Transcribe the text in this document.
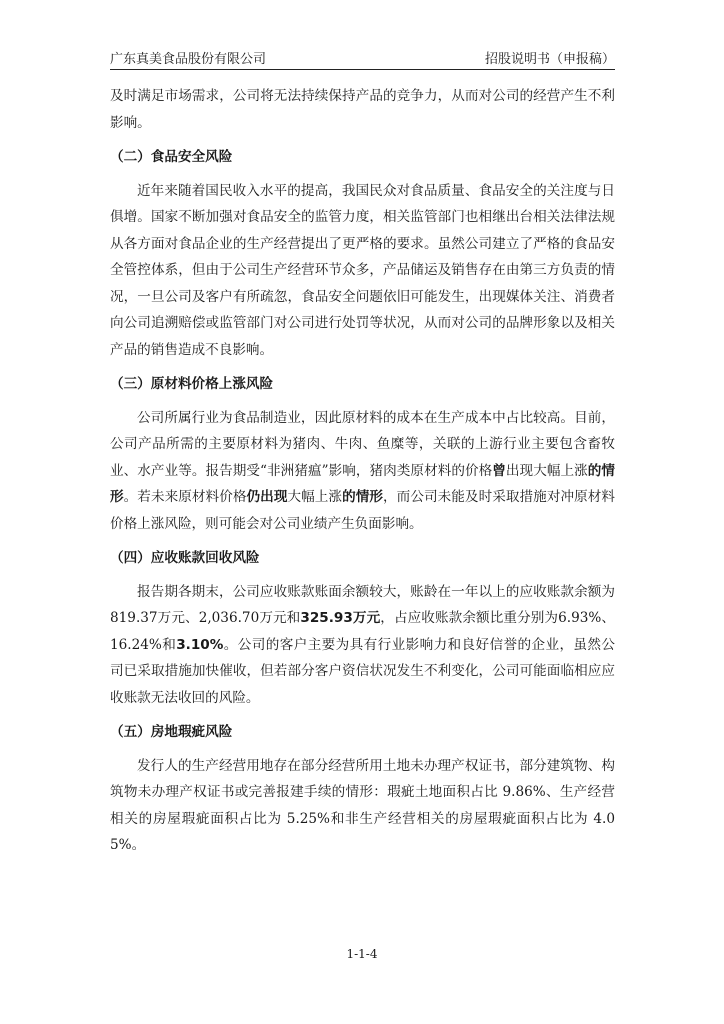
广东真美食品股份有限公司	招股说明书（申报稿）

及时满足市场需求，公司将无法持续保持产品的竞争力，从而对公司的经营产生不利影响。

（二）食品安全风险

近年来随着国民收入水平的提高，我国民众对食品质量、食品安全的关注度与日俱增。国家不断加强对食品安全的监管力度，相关监管部门也相继出台相关法律法规从各方面对食品企业的生产经营提出了更严格的要求。虽然公司建立了严格的食品安全管控体系，但由于公司生产经营环节众多，产品储运及销售存在由第三方负责的情况，一旦公司及客户有所疏忽，食品安全问题依旧可能发生，出现媒体关注、消费者向公司追溯赔偿或监管部门对公司进行处罚等状况，从而对公司的品牌形象以及相关产品的销售造成不良影响。

（三）原材料价格上涨风险

公司所属行业为食品制造业，因此原材料的成本在生产成本中占比较高。目前，公司产品所需的主要原材料为猪肉、牛肉、鱼糜等，关联的上游行业主要包含畜牧业、水产业等。报告期受“非洲猪瘟”影响，猪肉类原材料的价格曾出现大幅上涨的情形。若未来原材料价格仍出现大幅上涨的情形，而公司未能及时采取措施对冲原材料价格上涨风险，则可能会对公司业绩产生负面影响。

（四）应收账款回收风险

报告期各期末，公司应收账款账面余额较大，账龄在一年以上的应收账款余额为819.37万元、2,036.70万元和325.93万元，占应收账款余额比重分别为6.93%、16.24%和3.10%。公司的客户主要为具有行业影响力和良好信誉的企业，虽然公司已采取措施加快催收，但若部分客户资信状况发生不利变化，公司可能面临相应应收账款无法收回的风险。

（五）房地瑕疵风险

发行人的生产经营用地存在部分经营所用土地未办理产权证书，部分建筑物、构筑物未办理产权证书或完善报建手续的情形：瑕疵土地面积占比 9.86%、生产经营相关的房屋瑕疵面积占比为 5.25%和非生产经营相关的房屋瑕疵面积占比为 4.05%。

1-1-4
